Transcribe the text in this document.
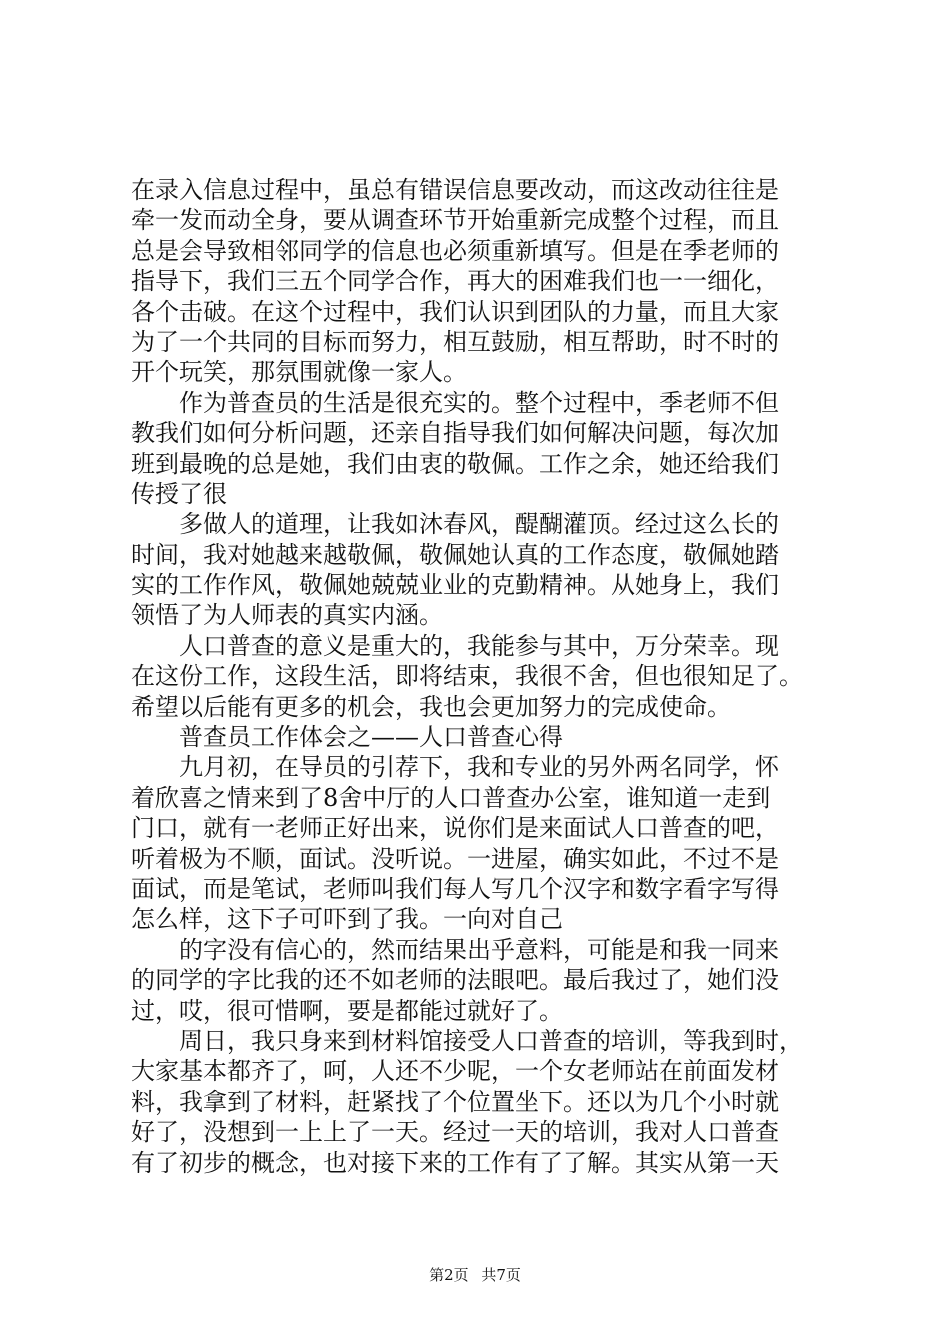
在录入信息过程中，虽总有错误信息要改动，而这改动往往是
牵一发而动全身，要从调查环节开始重新完成整个过程，而且
总是会导致相邻同学的信息也必须重新填写。但是在季老师的
指导下，我们三五个同学合作，再大的困难我们也一一细化，
各个击破。在这个过程中，我们认识到团队的力量，而且大家
为了一个共同的目标而努力，相互鼓励，相互帮助，时不时的
开个玩笑，那氛围就像一家人。
作为普查员的生活是很充实的。整个过程中，季老师不但
教我们如何分析问题，还亲自指导我们如何解决问题，每次加
班到最晚的总是她，我们由衷的敬佩。工作之余，她还给我们
传授了很
多做人的道理，让我如沐春风，醍醐灌顶。经过这么长的
时间，我对她越来越敬佩，敬佩她认真的工作态度，敬佩她踏
实的工作作风，敬佩她兢兢业业的克勤精神。从她身上，我们
领悟了为人师表的真实内涵。
人口普查的意义是重大的，我能参与其中，万分荣幸。现
在这份工作，这段生活，即将结束，我很不舍，但也很知足了。
希望以后能有更多的机会，我也会更加努力的完成使命。
普查员工作体会之——人口普查心得
九月初，在导员的引荐下，我和专业的另外两名同学，怀
着欣喜之情来到了8舍中厅的人口普查办公室，谁知道一走到
门口，就有一老师正好出来，说你们是来面试人口普查的吧，
听着极为不顺，面试。没听说。一进屋，确实如此，不过不是
面试，而是笔试，老师叫我们每人写几个汉字和数字看字写得
怎么样，这下子可吓到了我。一向对自己
的字没有信心的，然而结果出乎意料，可能是和我一同来
的同学的字比我的还不如老师的法眼吧。最后我过了，她们没
过，哎，很可惜啊，要是都能过就好了。
周日，我只身来到材料馆接受人口普查的培训，等我到时，
大家基本都齐了，呵，人还不少呢，一个女老师站在前面发材
料，我拿到了材料，赶紧找了个位置坐下。还以为几个小时就
好了，没想到一上上了一天。经过一天的培训，我对人口普查
有了初步的概念，也对接下来的工作有了了解。其实从第一天
第2页 共7页
